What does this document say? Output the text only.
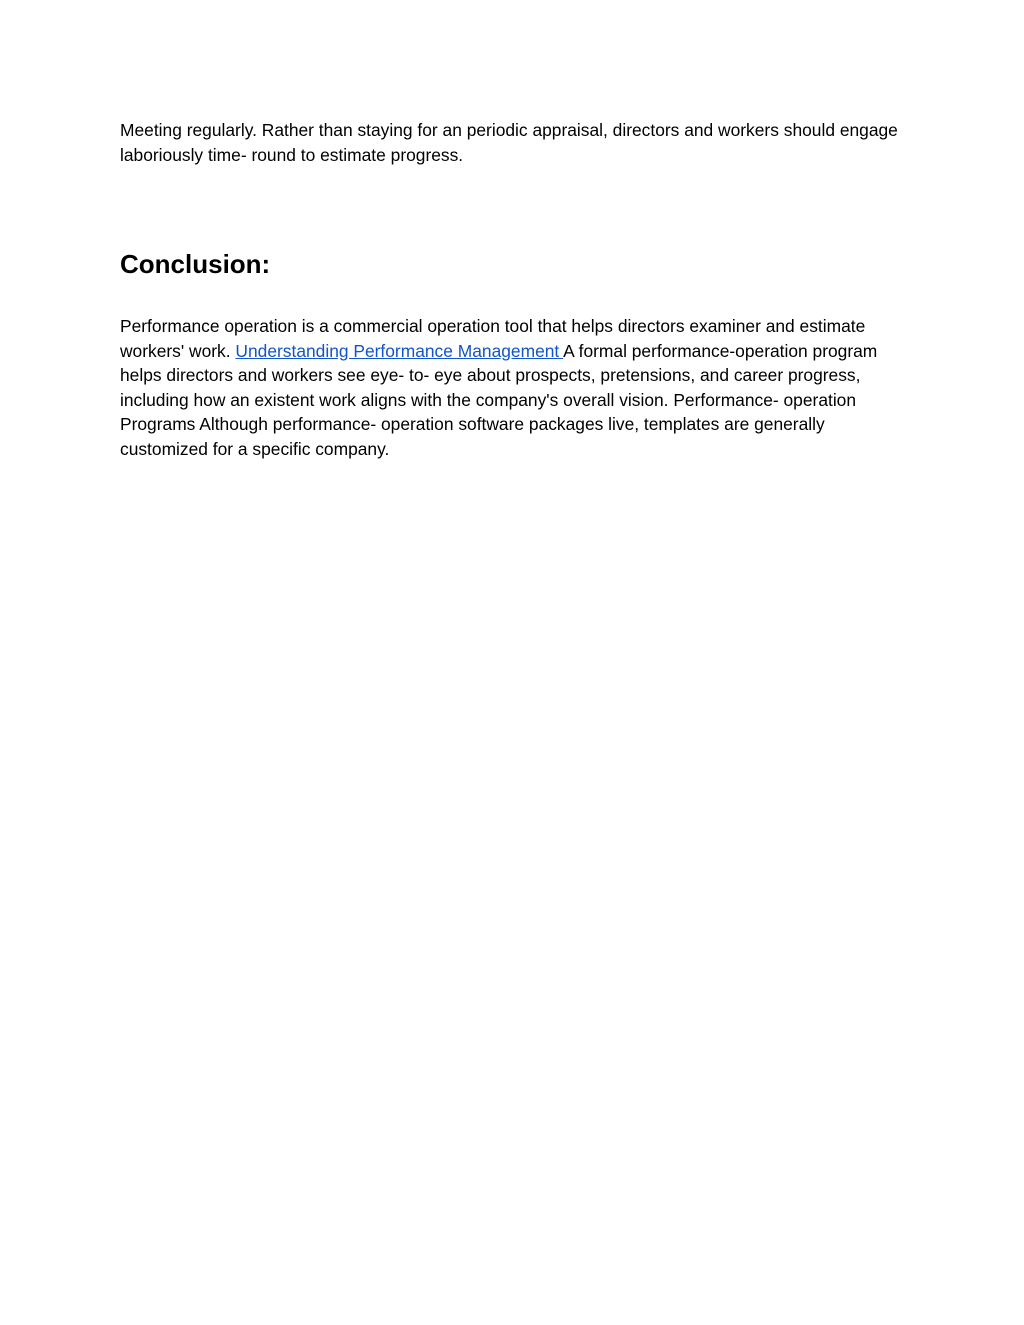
Meeting regularly. Rather than staying for an periodic appraisal, directors and workers should engage laboriously time- round to estimate progress.

Conclusion:

Performance operation is a commercial operation tool that helps directors examiner and estimate workers' work. Understanding Performance Management A formal performance-operation program helps directors and workers see eye- to- eye about prospects, pretensions, and career progress, including how an existent work aligns with the company's overall vision. Performance- operation Programs Although performance- operation software packages live, templates are generally customized for a specific company.
